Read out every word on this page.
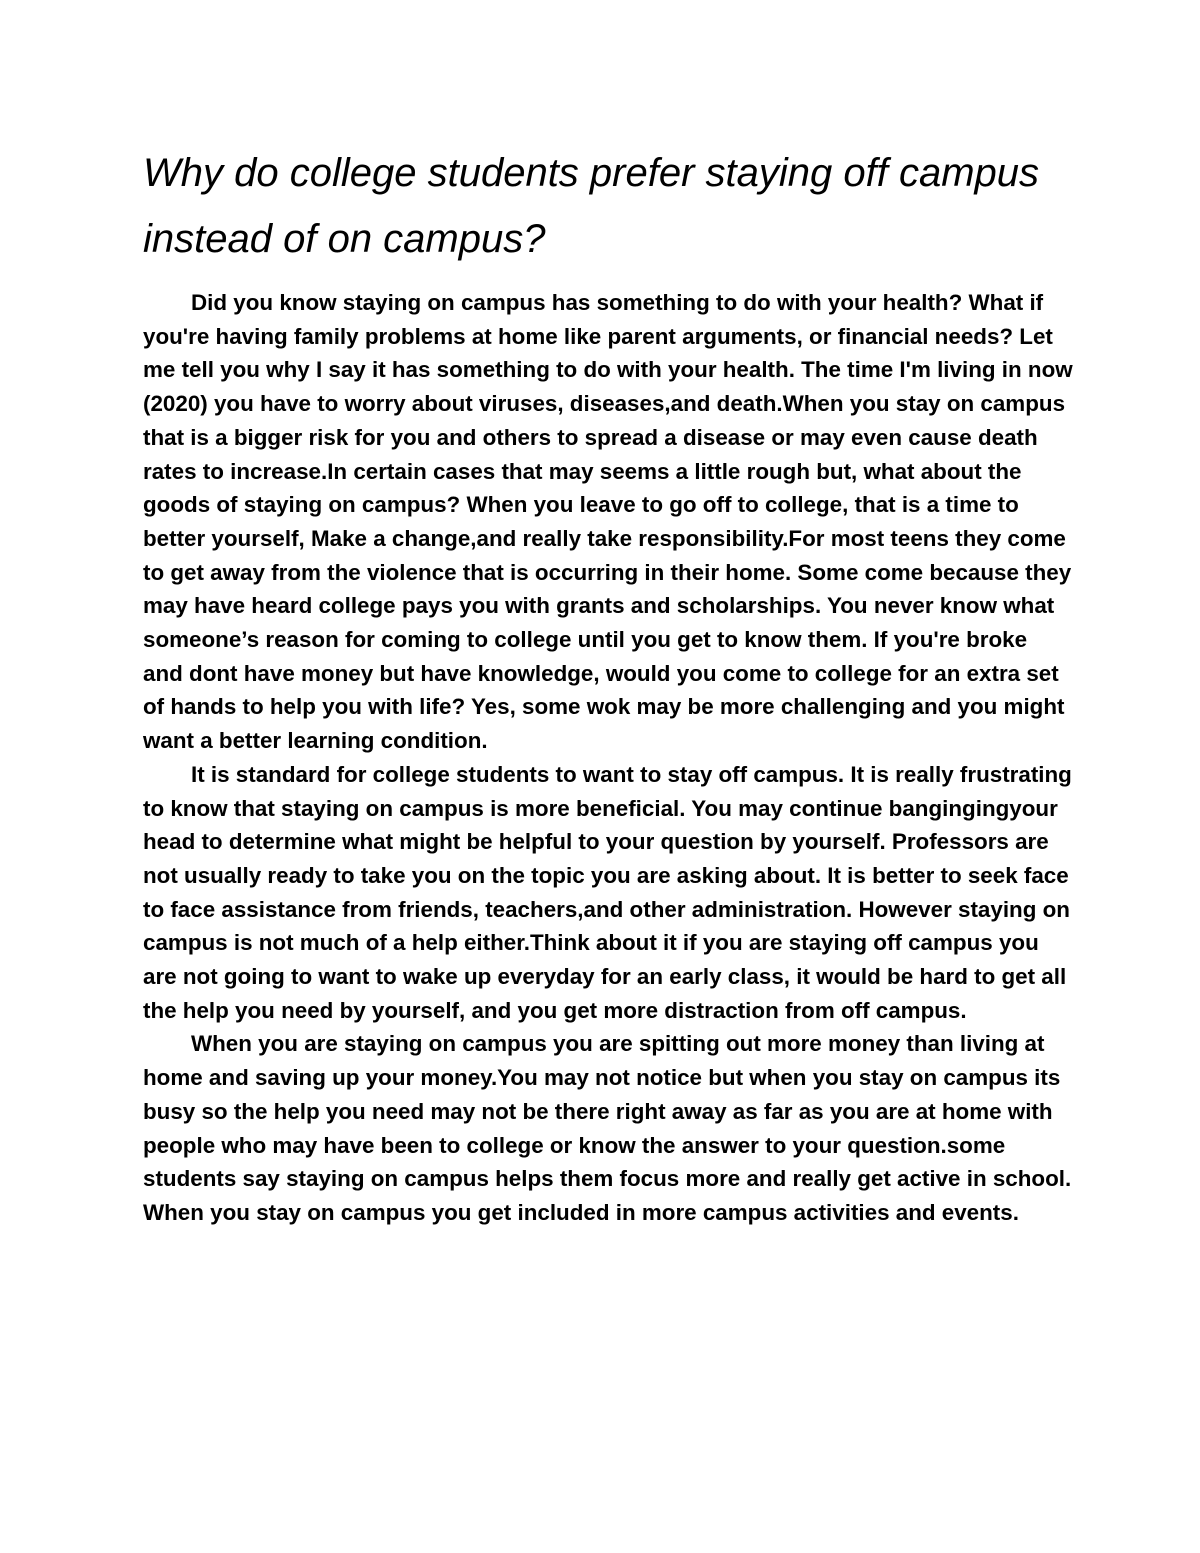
Why do college students prefer staying off campus instead of on campus?

Did you know staying on campus has something to do with your health? What if you're having family problems at home like parent arguments, or financial needs? Let me tell you why I say it has something to do with your health. The time I'm living in now (2020) you have to worry about viruses, diseases,and death.When you stay on campus that is a bigger risk for you and others to spread a disease or may even cause death rates to increase.In certain cases that may seems a little rough but, what about the goods of staying on campus? When you leave to go off to college, that is a time to better yourself, Make a change,and really take responsibility.For most teens they come to get away from the violence that is occurring in their home. Some come because they may have heard college pays you with grants and scholarships. You never know what someone’s reason for coming to college until you get to know them. If you're broke and dont have money but have knowledge, would you come to college for an extra set of hands to help you with life? Yes, some wok may be more challenging and you might want a better learning condition.

It is standard for college students to want to stay off campus. It is really frustrating to know that staying on campus is more beneficial. You may continue bangingingyour head to determine what might be helpful to your question by yourself. Professors are not usually ready to take you on the topic you are asking about. It is better to seek face to face assistance from friends, teachers,and other administration. However staying on campus is not much of a help either.Think about it if you are staying off campus you are not going to want to wake up everyday for an early class, it would be hard to get all the help you need by yourself, and you get more distraction from off campus.

When you are staying on campus you are spitting out more money than living at home and saving up your money.You may not notice but when you stay on campus its busy so the help you need may not be there right away as far as you are at home with people who may have been to college or know the answer to your question.some students say staying on campus helps them focus more and really get active in school. When you stay on campus you get included in more campus activities and events.
